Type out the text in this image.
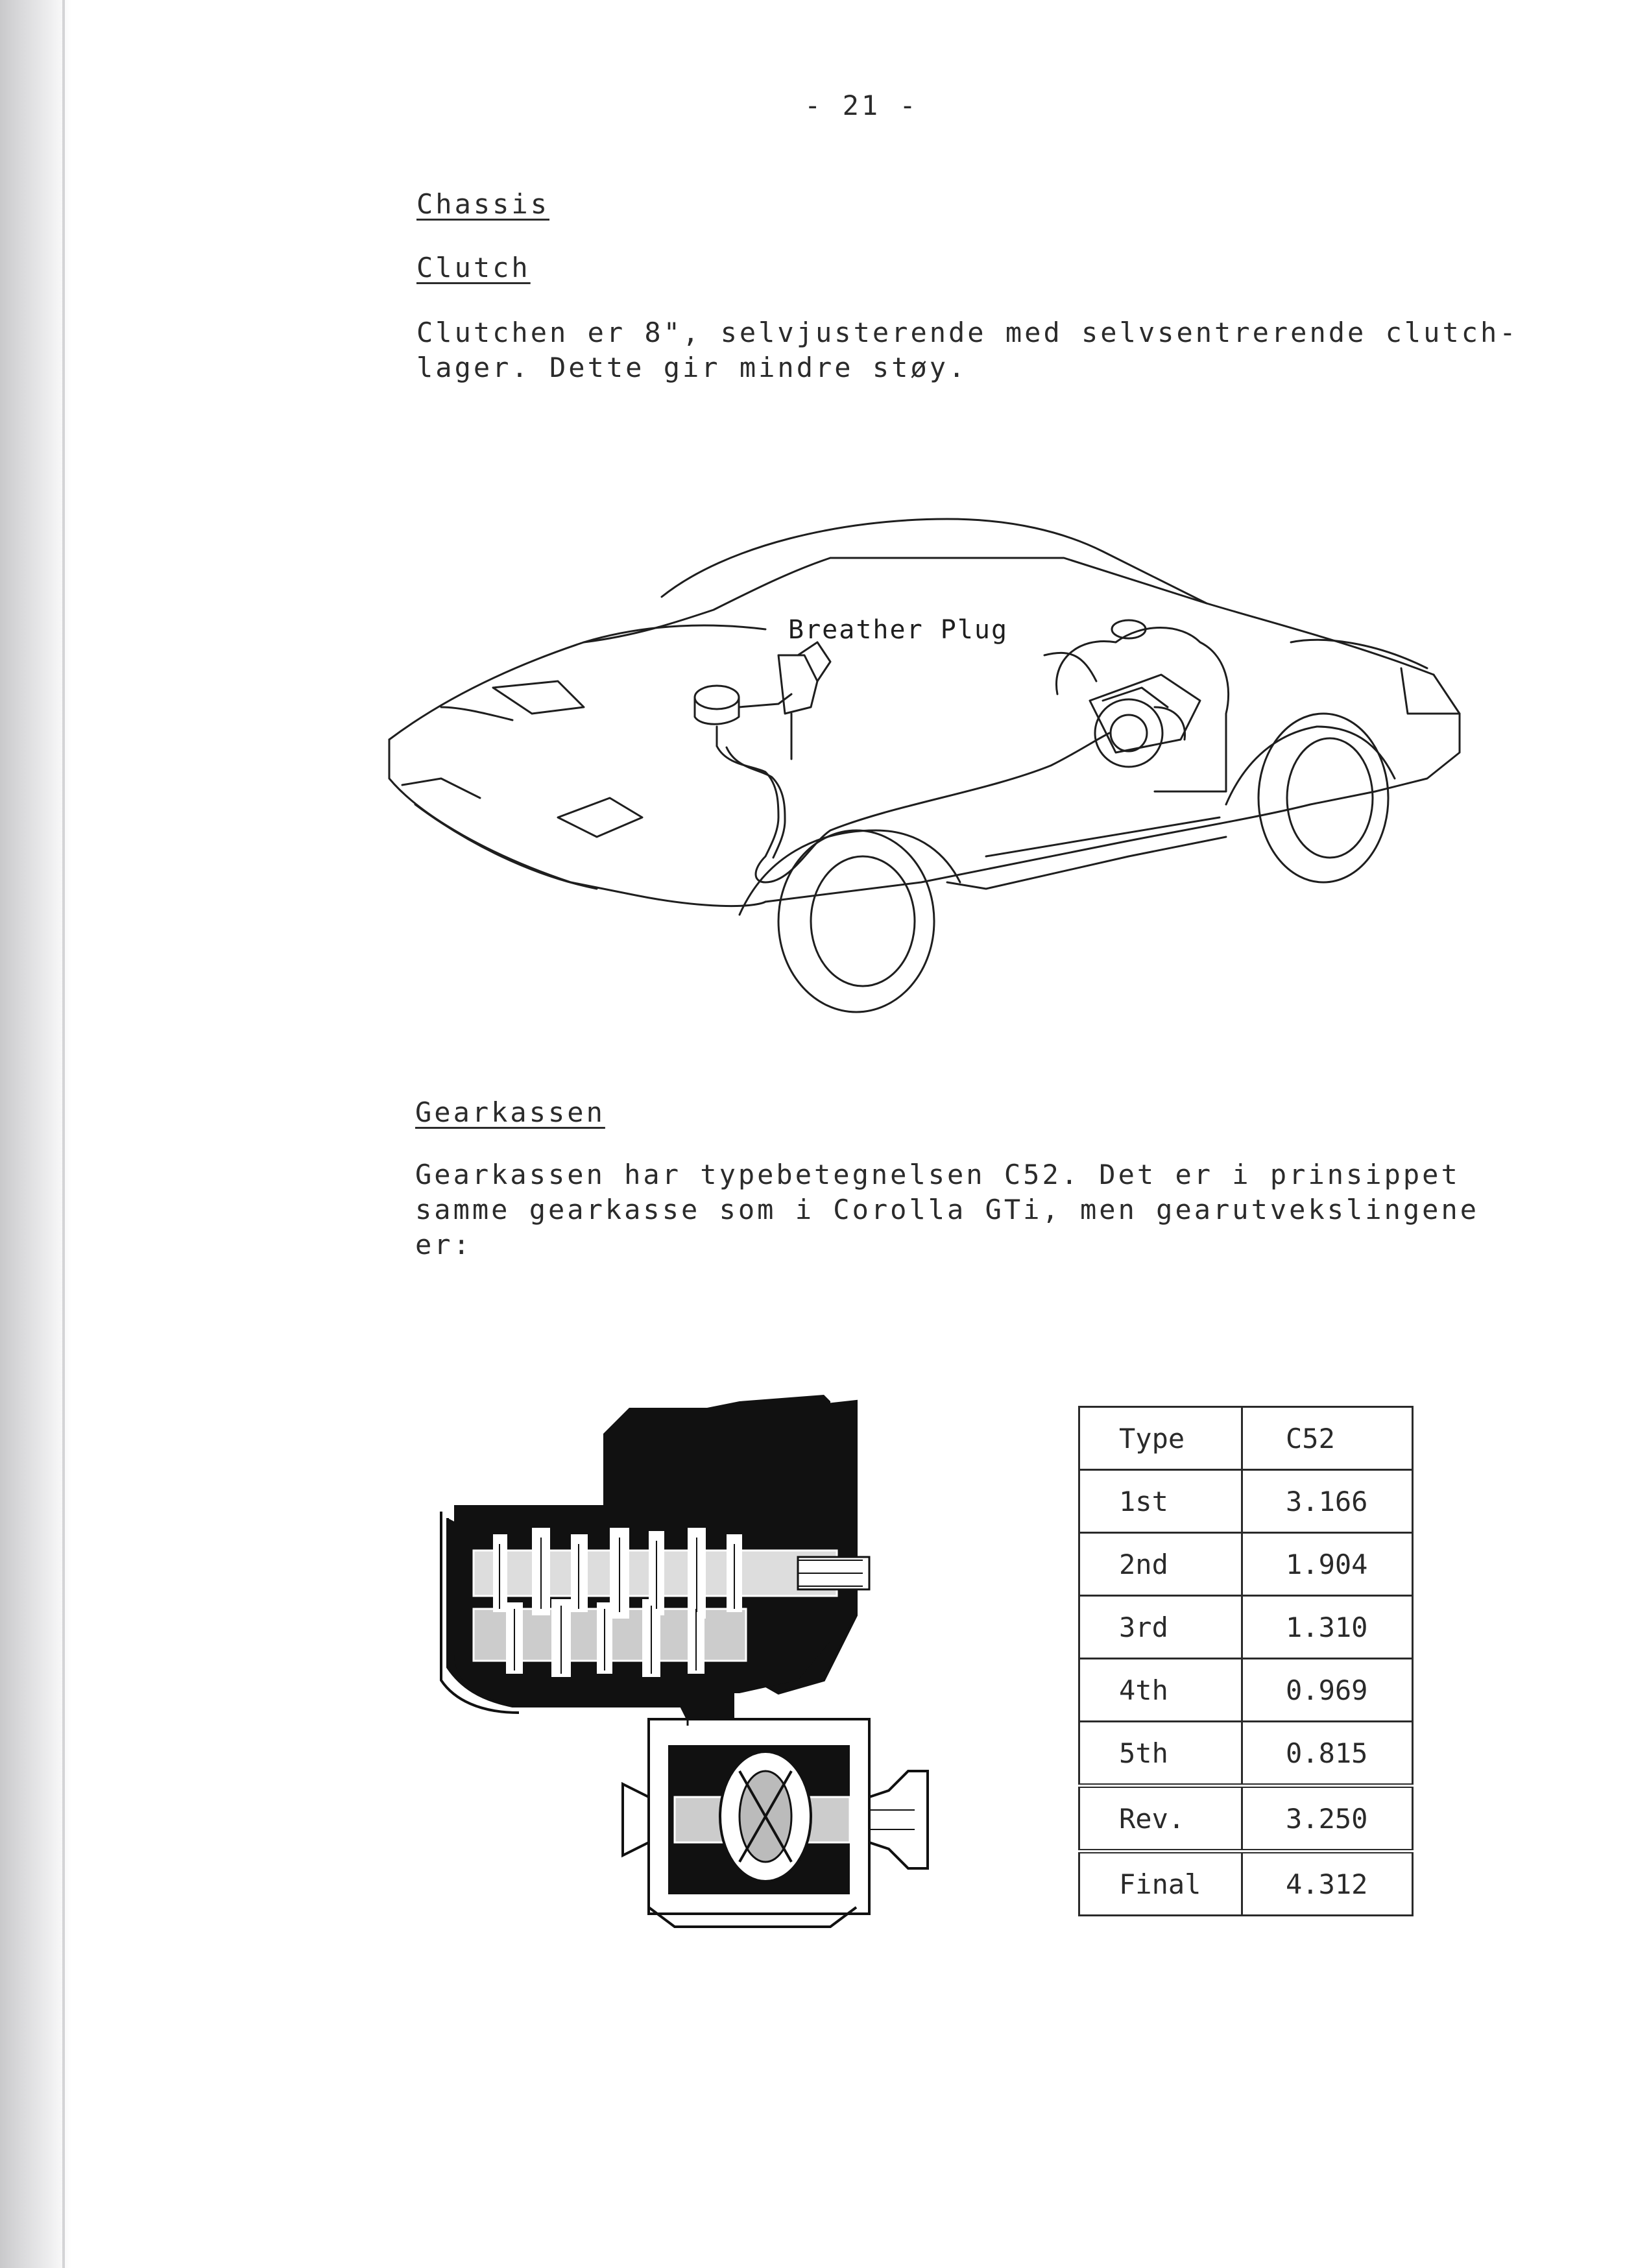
- 21 -

Chassis

Clutch

Clutchen er 8", selvjusterende med selvsentrerende clutch-lager. Dette gir mindre støy.

Breather Plug

Gearkassen

Gearkassen har typebetegnelsen C52. Det er i prinsippet samme gearkasse som i Corolla GTi, men gearutvekslingene er:

Type	C52
1st	3.166
2nd	1.904
3rd	1.310
4th	0.969
5th	0.815
Rev.	3.250
Final	4.312
